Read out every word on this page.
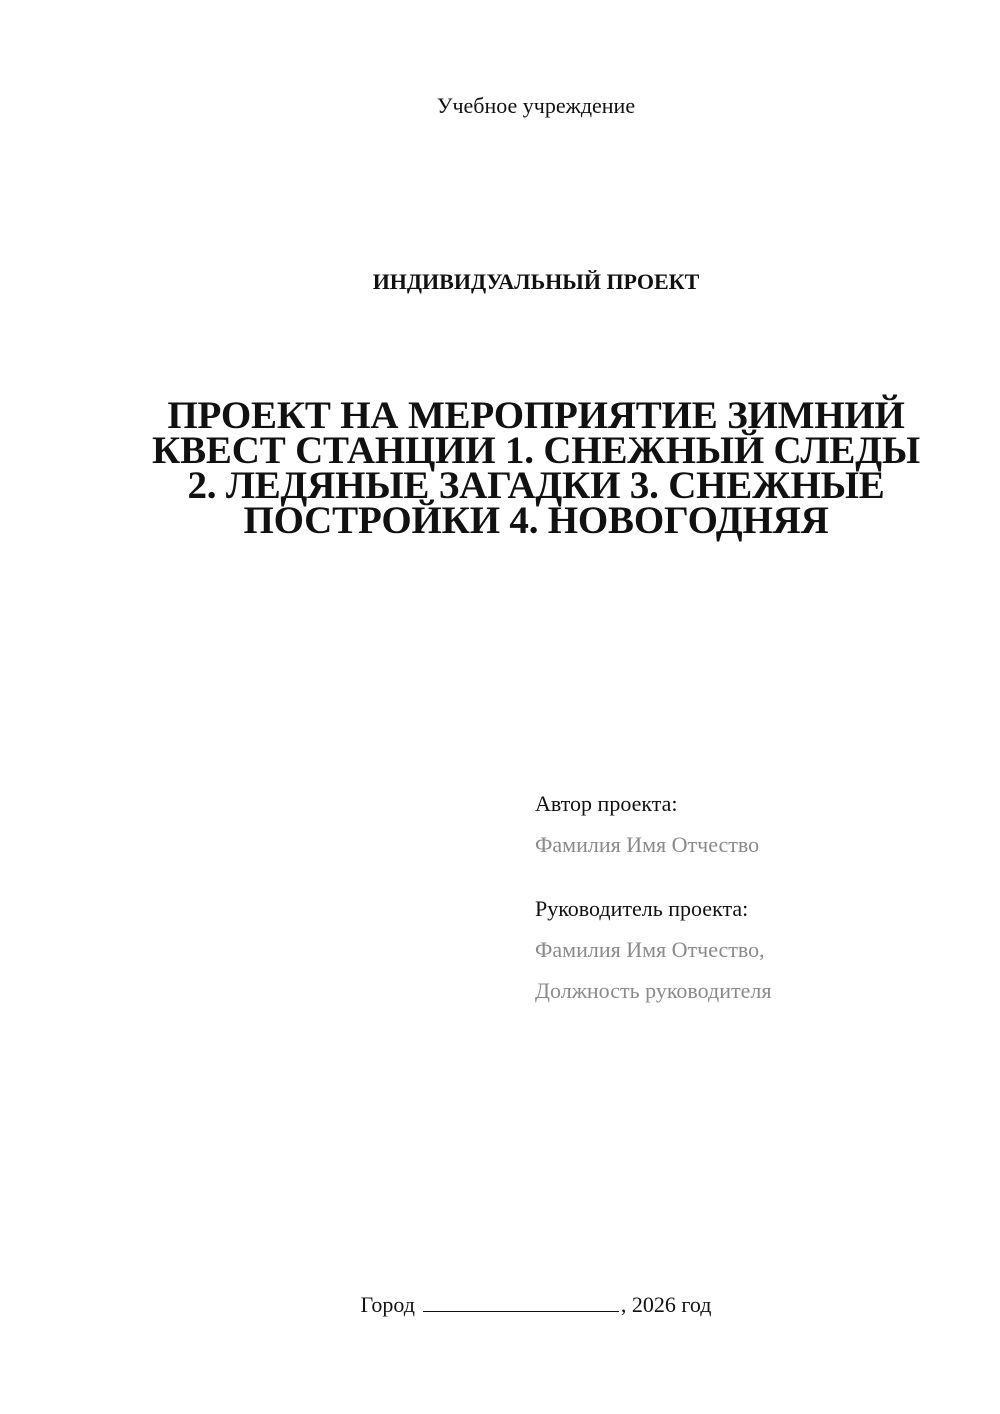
Учебное учреждение
ИНДИВИДУАЛЬНЫЙ ПРОЕКТ
ПРОЕКТ НА МЕРОПРИЯТИЕ ЗИМНИЙ КВЕСТ СТАНЦИИ 1. СНЕЖНЫЙ СЛЕДЫ 2. ЛЕДЯНЫЕ ЗАГАДКИ 3. СНЕЖНЫЕ ПОСТРОЙКИ 4. НОВОГОДНЯЯ
Автор проекта:
Фамилия Имя Отчество
Руководитель проекта:
Фамилия Имя Отчество,
Должность руководителя
Город	, 2026 год
